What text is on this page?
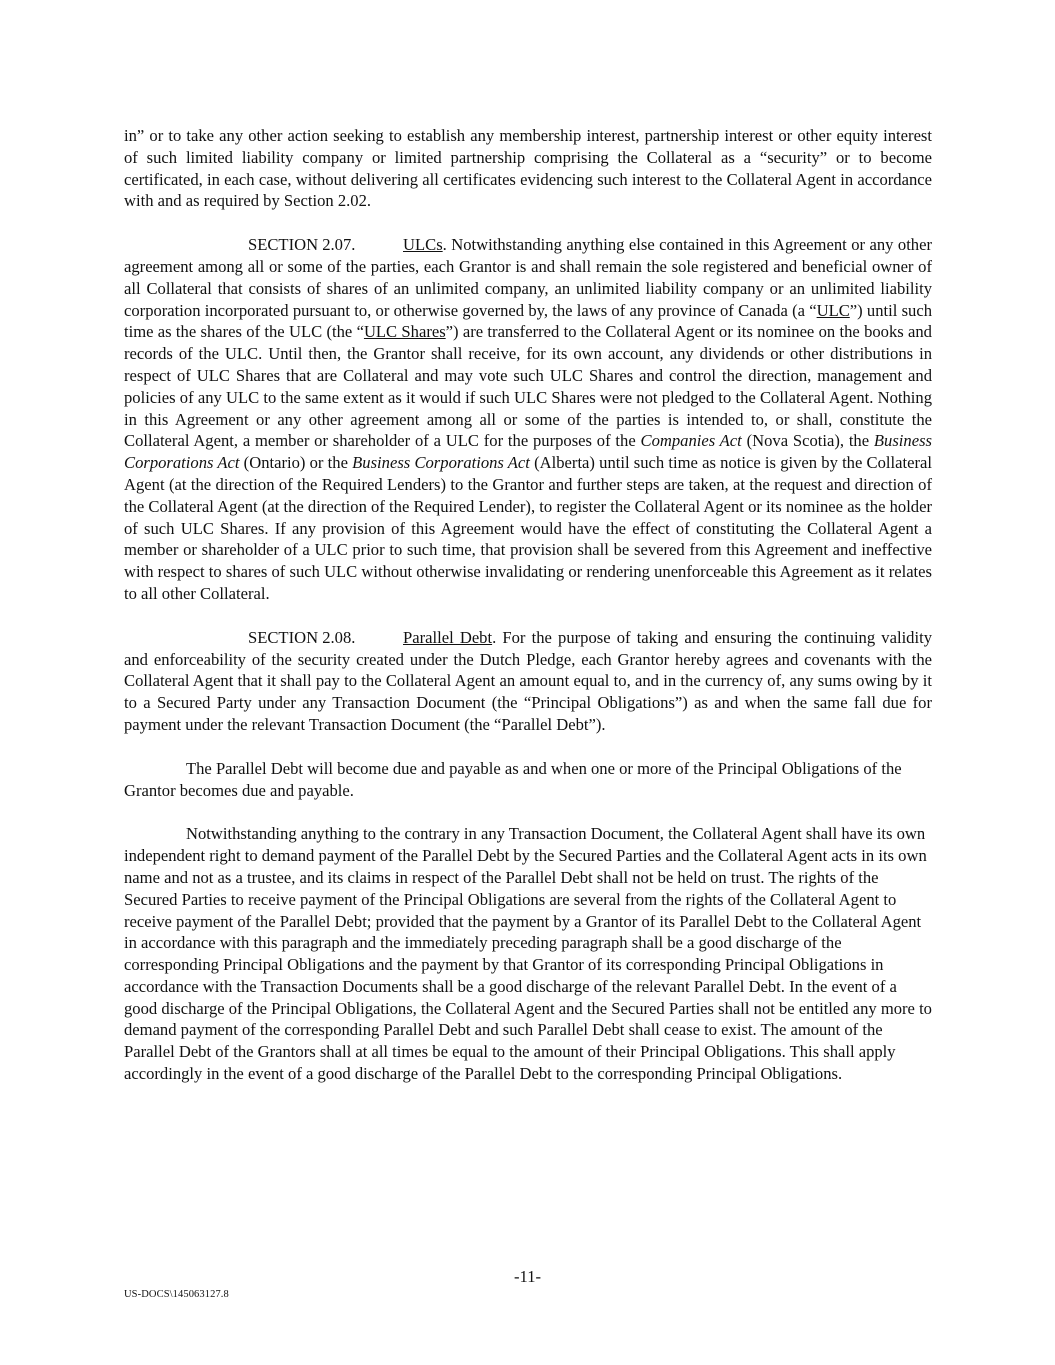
in” or to take any other action seeking to establish any membership interest, partnership interest or other equity interest of such limited liability company or limited partnership comprising the Collateral as a “security” or to become certificated, in each case, without delivering all certificates evidencing such interest to the Collateral Agent in accordance with and as required by Section 2.02.

SECTION 2.07.	ULCs. Notwithstanding anything else contained in this Agreement or any other agreement among all or some of the parties, each Grantor is and shall remain the sole registered and beneficial owner of all Collateral that consists of shares of an unlimited company, an unlimited liability company or an unlimited liability corporation incorporated pursuant to, or otherwise governed by, the laws of any province of Canada (a “ULC”) until such time as the shares of the ULC (the “ULC Shares”) are transferred to the Collateral Agent or its nominee on the books and records of the ULC. Until then, the Grantor shall receive, for its own account, any dividends or other distributions in respect of ULC Shares that are Collateral and may vote such ULC Shares and control the direction, management and policies of any ULC to the same extent as it would if such ULC Shares were not pledged to the Collateral Agent. Nothing in this Agreement or any other agreement among all or some of the parties is intended to, or shall, constitute the Collateral Agent, a member or shareholder of a ULC for the purposes of the Companies Act (Nova Scotia), the Business Corporations Act (Ontario) or the Business Corporations Act (Alberta) until such time as notice is given by the Collateral Agent (at the direction of the Required Lenders) to the Grantor and further steps are taken, at the request and direction of the Collateral Agent (at the direction of the Required Lender), to register the Collateral Agent or its nominee as the holder of such ULC Shares. If any provision of this Agreement would have the effect of constituting the Collateral Agent a member or shareholder of a ULC prior to such time, that provision shall be severed from this Agreement and ineffective with respect to shares of such ULC without otherwise invalidating or rendering unenforceable this Agreement as it relates to all other Collateral.

SECTION 2.08.	Parallel Debt. For the purpose of taking and ensuring the continuing validity and enforceability of the security created under the Dutch Pledge, each Grantor hereby agrees and covenants with the Collateral Agent that it shall pay to the Collateral Agent an amount equal to, and in the currency of, any sums owing by it to a Secured Party under any Transaction Document (the “Principal Obligations”) as and when the same fall due for payment under the relevant Transaction Document (the “Parallel Debt”).

The Parallel Debt will become due and payable as and when one or more of the Principal Obligations of the Grantor becomes due and payable.

Notwithstanding anything to the contrary in any Transaction Document, the Collateral Agent shall have its own independent right to demand payment of the Parallel Debt by the Secured Parties and the Collateral Agent acts in its own name and not as a trustee, and its claims in respect of the Parallel Debt shall not be held on trust. The rights of the Secured Parties to receive payment of the Principal Obligations are several from the rights of the Collateral Agent to receive payment of the Parallel Debt; provided that the payment by a Grantor of its Parallel Debt to the Collateral Agent in accordance with this paragraph and the immediately preceding paragraph shall be a good discharge of the corresponding Principal Obligations and the payment by that Grantor of its corresponding Principal Obligations in accordance with the Transaction Documents shall be a good discharge of the relevant Parallel Debt. In the event of a good discharge of the Principal Obligations, the Collateral Agent and the Secured Parties shall not be entitled any more to demand payment of the corresponding Parallel Debt and such Parallel Debt shall cease to exist. The amount of the Parallel Debt of the Grantors shall at all times be equal to the amount of their Principal Obligations. This shall apply accordingly in the event of a good discharge of the Parallel Debt to the corresponding Principal Obligations.

-11-
US-DOCS\145063127.8
